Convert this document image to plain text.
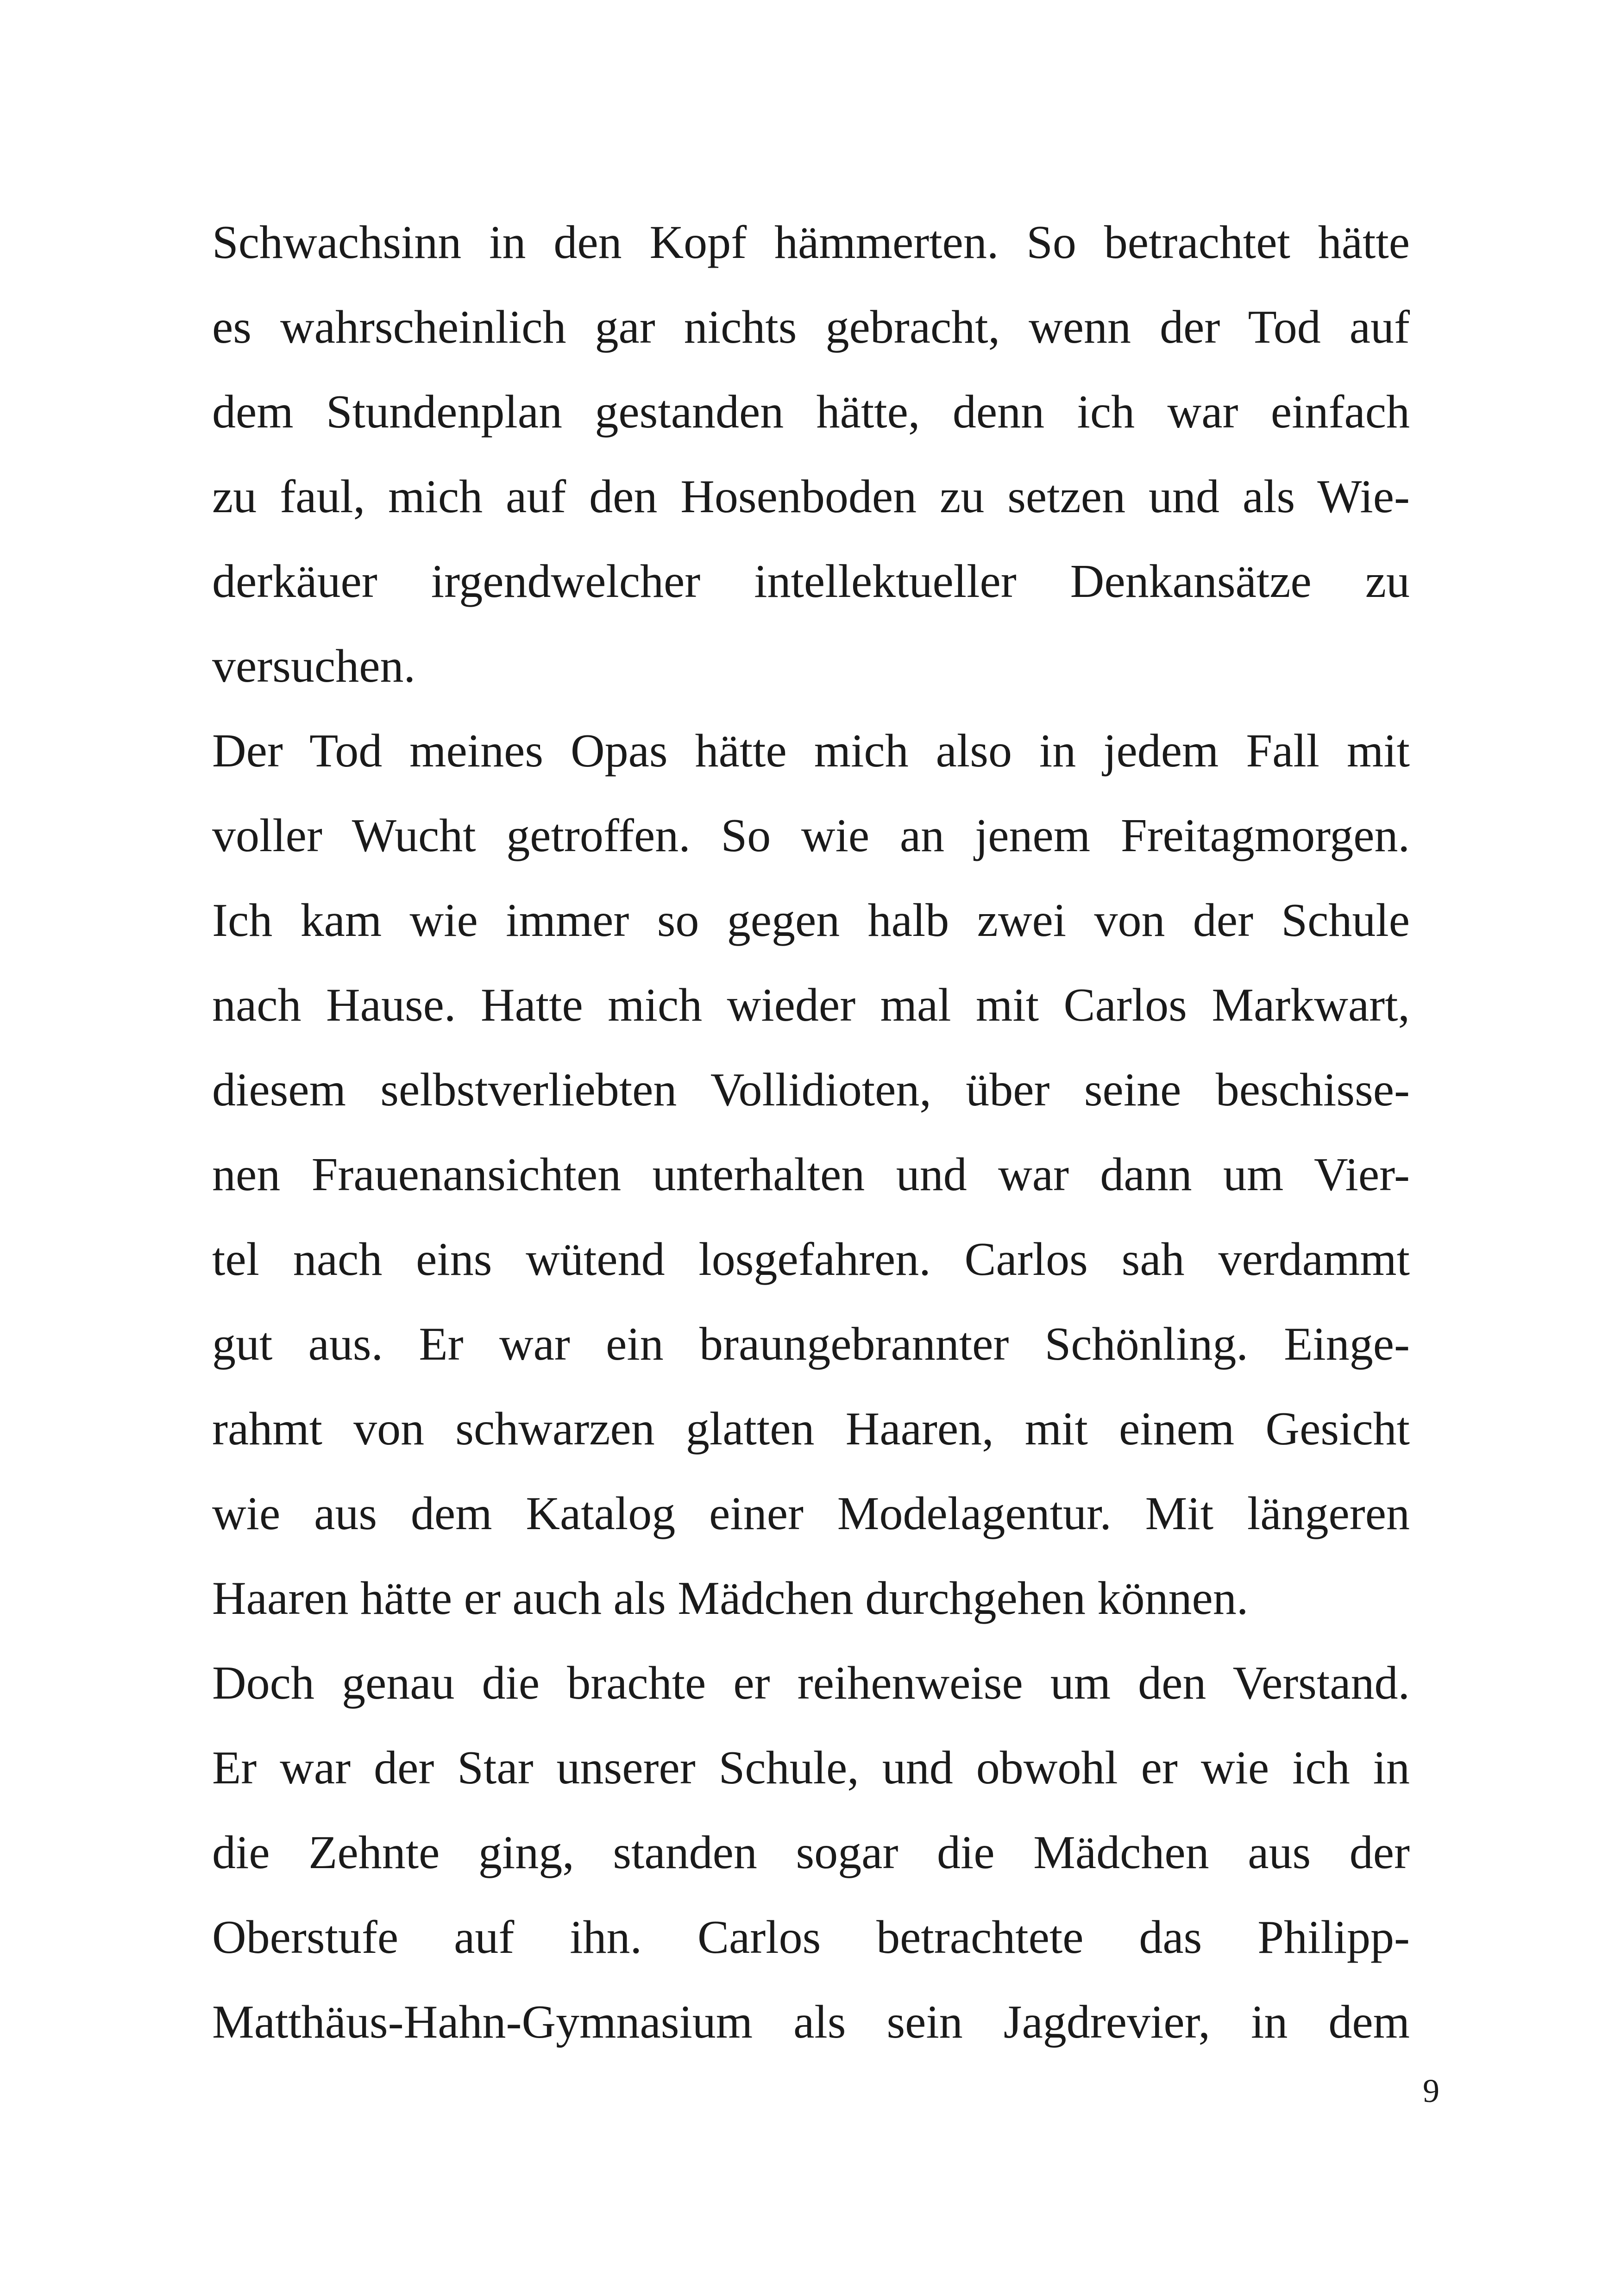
Schwachsinn in den Kopf hämmerten. So betrachtet hätte
es wahrscheinlich gar nichts gebracht, wenn der Tod auf
dem Stundenplan gestanden hätte, denn ich war einfach
zu faul, mich auf den Hosenboden zu setzen und als Wie-
derkäuer irgendwelcher intellektueller Denkansätze zu
versuchen.
Der Tod meines Opas hätte mich also in jedem Fall mit
voller Wucht getroffen. So wie an jenem Freitagmorgen.
Ich kam wie immer so gegen halb zwei von der Schule
nach Hause. Hatte mich wieder mal mit Carlos Markwart,
diesem selbstverliebten Vollidioten, über seine beschisse-
nen Frauenansichten unterhalten und war dann um Vier-
tel nach eins wütend losgefahren. Carlos sah verdammt
gut aus. Er war ein braungebrannter Schönling. Einge-
rahmt von schwarzen glatten Haaren, mit einem Gesicht
wie aus dem Katalog einer Modelagentur. Mit längeren
Haaren hätte er auch als Mädchen durchgehen können.
Doch genau die brachte er reihenweise um den Verstand.
Er war der Star unserer Schule, und obwohl er wie ich in
die Zehnte ging, standen sogar die Mädchen aus der
Oberstufe auf ihn. Carlos betrachtete das Philipp-
Matthäus-Hahn-Gymnasium als sein Jagdrevier, in dem
9
